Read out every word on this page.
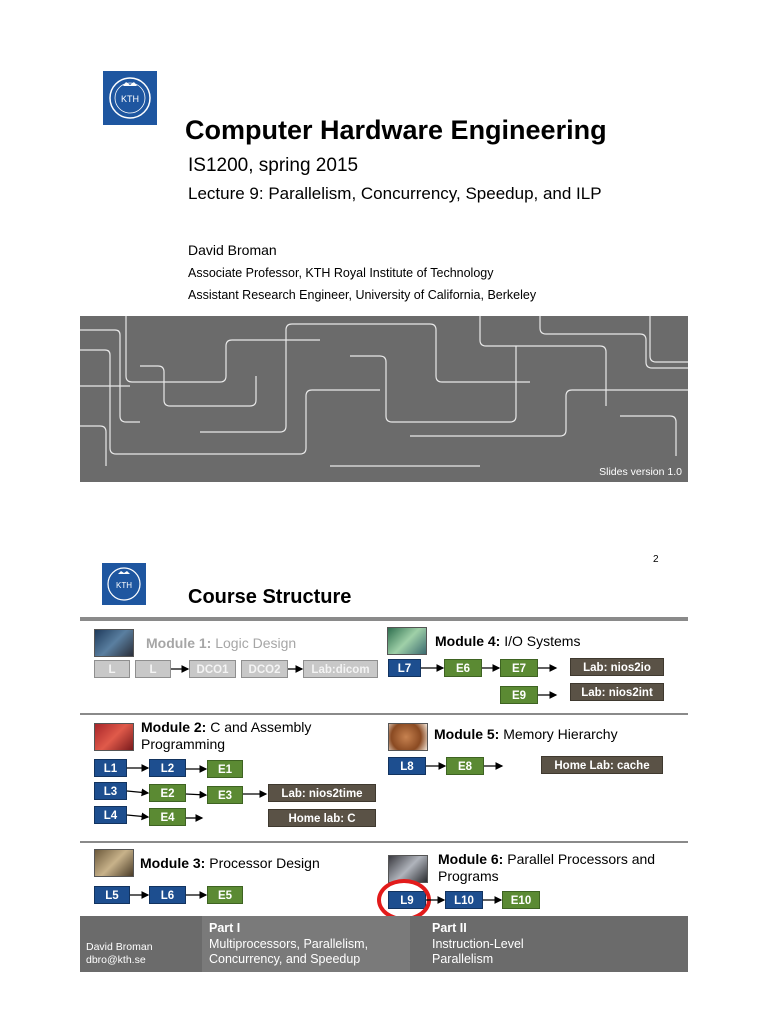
KTH
Computer Hardware Engineering
IS1200, spring 2015
Lecture 9: Parallelism, Concurrency, Speedup, and ILP
David Broman
Associate Professor, KTH Royal Institute of Technology
Assistant Research Engineer, University of California, Berkeley
Slides version 1.0
2
KTH
Course Structure
Module 1: Logic Design
L	L	DCO1	DCO2	Lab:dicom
Module 4: I/O Systems
L7	E6	E7	Lab: nios2io
E9	Lab: nios2int
Module 2: C and Assembly Programming
L1	L2	E1
L3	E2	E3	Lab: nios2time
L4	E4	Home lab: C
Module 5: Memory Hierarchy
L8	E8	Home Lab: cache
Module 3: Processor Design
L5	L6	E5
Module 6: Parallel Processors and Programs
L9	L10	E10
David Broman
dbro@kth.se
Part I
Multiprocessors, Parallelism,
Concurrency, and Speedup
Part II
Instruction-Level
Parallelism
